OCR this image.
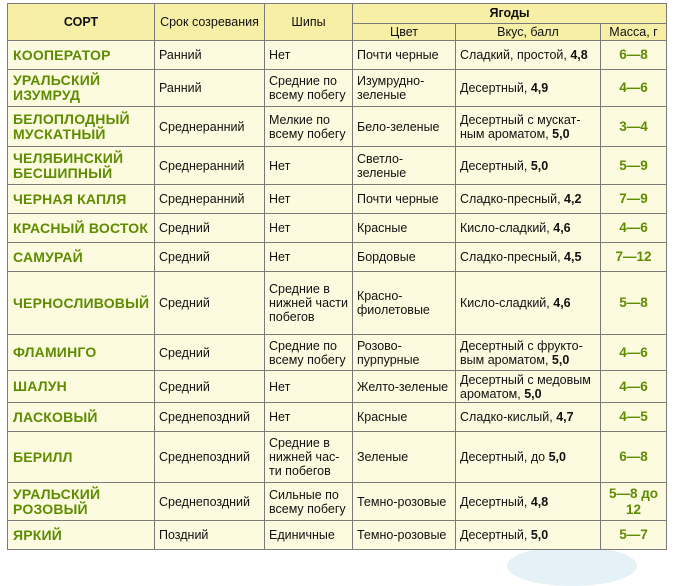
СОРТ	Срок созревания	Шипы	Ягоды		
			Цвет	Вкус, балл	Масса, г
КООПЕРАТОР	Ранний	Нет	Почти черные	Сладкий, простой, 4,8	6—8
УРАЛЬСКИЙ ИЗУМРУД	Ранний	Средние по всему побегу	Изумрудно-зеленые	Десертный, 4,9	4—6
БЕЛОПЛОДНЫЙ МУСКАТНЫЙ	Среднеранний	Мелкие по всему побегу	Бело-зеленые	Десертный с мускат-ным ароматом, 5,0	3—4
ЧЕЛЯБИНСКИЙ БЕСШИПНЫЙ	Среднеранний	Нет	Светло-зеленые	Десертный, 5,0	5—9
ЧЕРНАЯ КАПЛЯ	Среднеранний	Нет	Почти черные	Сладко-пресный, 4,2	7—9
КРАСНЫЙ ВОСТОК	Средний	Нет	Красные	Кисло-сладкий, 4,6	4—6
САМУРАЙ	Средний	Нет	Бордовые	Сладко-пресный, 4,5	7—12
ЧЕРНОСЛИВОВЫЙ	Средний	Средние в нижней части побегов	Красно-фиолетовые	Кисло-сладкий, 4,6	5—8
ФЛАМИНГО	Средний	Средние по всему побегу	Розово-пурпурные	Десертный с фрукто-вым ароматом, 5,0	4—6
ШАЛУН	Средний	Нет	Желто-зеленые	Десертный с медовым ароматом, 5,0	4—6
ЛАСКОВЫЙ	Среднепоздний	Нет	Красные	Сладко-кислый, 4,7	4—5
БЕРИЛЛ	Среднепоздний	Средние в нижней час-ти побегов	Зеленые	Десертный, до 5,0	6—8
УРАЛЬСКИЙ РОЗОВЫЙ	Среднепоздний	Сильные по всему побегу	Темно-розовые	Десертный, 4,8	5—8 до 12
ЯРКИЙ	Поздний	Единичные	Темно-розовые	Десертный, 5,0	5—7
